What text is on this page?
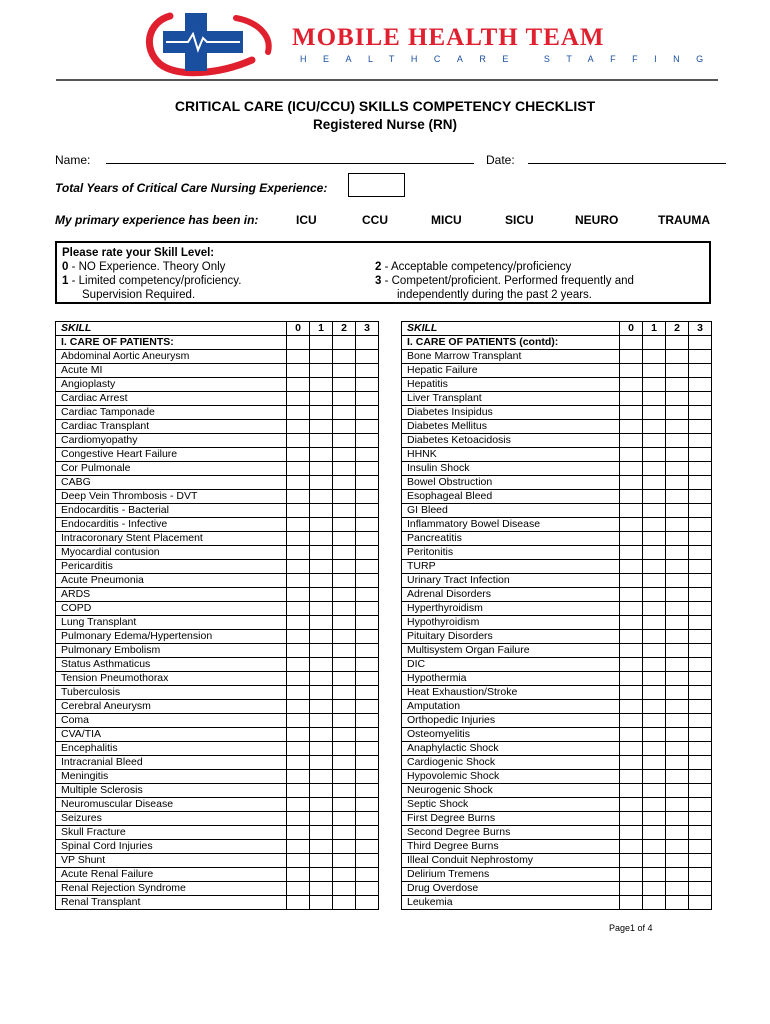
MOBILE HEALTH TEAM
HEALTHCARE STAFFING
CRITICAL CARE (ICU/CCU) SKILLS COMPETENCY CHECKLIST
Registered Nurse (RN)
Name:	Date:
Total Years of Critical Care Nursing Experience:
My primary experience has been in:	ICU	CCU	MICU	SICU	NEURO	TRAUMA
Please rate your Skill Level:
0 - NO Experience. Theory Only
1 - Limited competency/proficiency.
Supervision Required.
2 - Acceptable competency/proficiency
3 - Competent/proficient. Performed frequently and
independently during the past 2 years.
SKILL	0	1	2	3
I. CARE OF PATIENTS:				
Abdominal Aortic Aneurysm				
Acute MI				
Angioplasty				
Cardiac Arrest				
Cardiac Tamponade				
Cardiac Transplant				
Cardiomyopathy				
Congestive Heart Failure				
Cor Pulmonale				
CABG				
Deep Vein Thrombosis - DVT				
Endocarditis - Bacterial				
Endocarditis - Infective				
Intracoronary Stent Placement				
Myocardial contusion				
Pericarditis				
Acute Pneumonia				
ARDS				
COPD				
Lung Transplant				
Pulmonary Edema/Hypertension				
Pulmonary Embolism				
Status Asthmaticus				
Tension Pneumothorax				
Tuberculosis				
Cerebral Aneurysm				
Coma				
CVA/TIA				
Encephalitis				
Intracranial Bleed				
Meningitis				
Multiple Sclerosis				
Neuromuscular Disease				
Seizures				
Skull Fracture				
Spinal Cord Injuries				
VP Shunt				
Acute Renal Failure				
Renal Rejection Syndrome				
Renal Transplant				
SKILL	0	1	2	3
I. CARE OF PATIENTS (contd):				
Bone Marrow Transplant				
Hepatic Failure				
Hepatitis				
Liver Transplant				
Diabetes Insipidus				
Diabetes Mellitus				
Diabetes Ketoacidosis				
HHNK				
Insulin Shock				
Bowel Obstruction				
Esophageal Bleed				
GI Bleed				
Inflammatory Bowel Disease				
Pancreatitis				
Peritonitis				
TURP				
Urinary Tract Infection				
Adrenal Disorders				
Hyperthyroidism				
Hypothyroidism				
Pituitary Disorders				
Multisystem Organ Failure				
DIC				
Hypothermia				
Heat Exhaustion/Stroke				
Amputation				
Orthopedic Injuries				
Osteomyelitis				
Anaphylactic Shock				
Cardiogenic Shock				
Hypovolemic Shock				
Neurogenic Shock				
Septic Shock				
First Degree Burns				
Second Degree Burns				
Third Degree Burns				
Illeal Conduit Nephrostomy				
Delirium Tremens				
Drug Overdose				
Leukemia				
Page1 of 4
